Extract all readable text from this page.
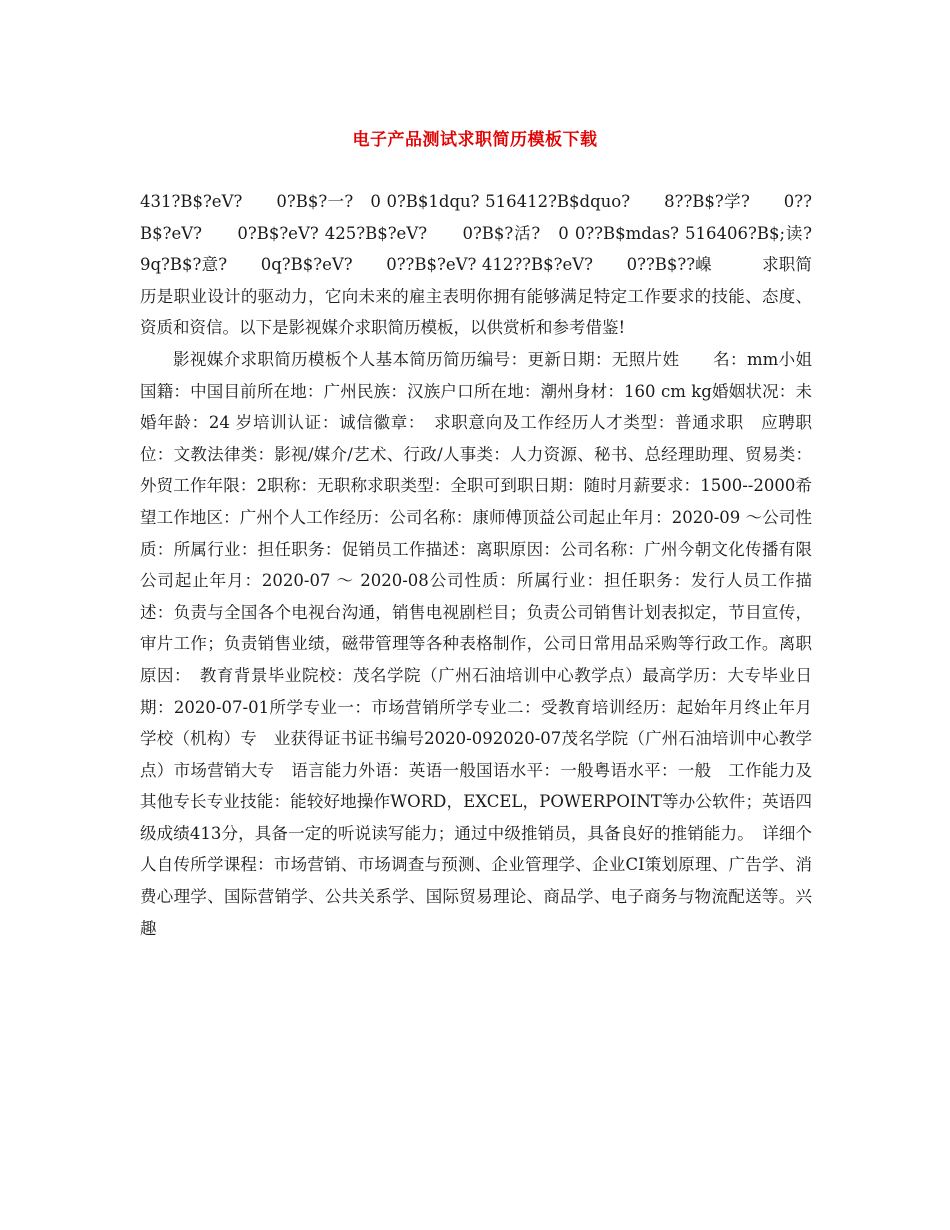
电子产品测试求职简历模板下载

431?B$?eV?　　0?B$?一?　0 0?B$1dqu? 516412?B$dquo?　　8??B$?学?　　0??B$?eV?　　0?B$?eV? 425?B$?eV?　　0?B$?活?　0 0??B$mdas? 516406?B$;读?　　9q?B$?意?　　0q?B$?eV?　　0??B$?eV? 412??B$?eV?　　0??B$??嵲　　　求职简历是职业设计的驱动力，它向未来的雇主表明你拥有能够满足特定工作要求的技能、态度、资质和资信。以下是影视媒介求职简历模板，以供赏析和参考借鉴!

影视媒介求职简历模板个人基本简历简历编号：更新日期：无照片姓　　名：mm小姐国籍：中国目前所在地：广州民族：汉族户口所在地：潮州身材：160 cm kg婚姻状况：未婚年龄：24 岁培训认证：诚信徽章：　求职意向及工作经历人才类型：普通求职　应聘职位：文教法律类：影视/媒介/艺术、行政/人事类：人力资源、秘书、总经理助理、贸易类：外贸工作年限：2职称：无职称求职类型：全职可到职日期：随时月薪要求：1500--2000希望工作地区：广州个人工作经历：公司名称：康师傅顶益公司起止年月：2020-09 ～公司性质：所属行业：担任职务：促销员工作描述：离职原因：公司名称：广州今朝文化传播有限公司起止年月：2020-07 ～ 2020-08公司性质：所属行业：担任职务：发行人员工作描述：负责与全国各个电视台沟通，销售电视剧栏目；负责公司销售计划表拟定，节目宣传，审片工作；负责销售业绩，磁带管理等各种表格制作，公司日常用品采购等行政工作。离职原因：　教育背景毕业院校：茂名学院（广州石油培训中心教学点）最高学历：大专毕业日期：2020-07-01所学专业一：市场营销所学专业二：受教育培训经历：起始年月终止年月学校（机构）专　业获得证书证书编号2020-092020-07茂名学院（广州石油培训中心教学点）市场营销大专　语言能力外语：英语一般国语水平：一般粤语水平：一般　工作能力及其他专长专业技能：能较好地操作WORD，EXCEL，POWERPOINT等办公软件；英语四级成绩413分，具备一定的听说读写能力；通过中级推销员，具备良好的推销能力。　详细个人自传所学课程：市场营销、市场调查与预测、企业管理学、企业CI策划原理、广告学、消费心理学、国际营销学、公共关系学、国际贸易理论、商品学、电子商务与物流配送等。兴趣
